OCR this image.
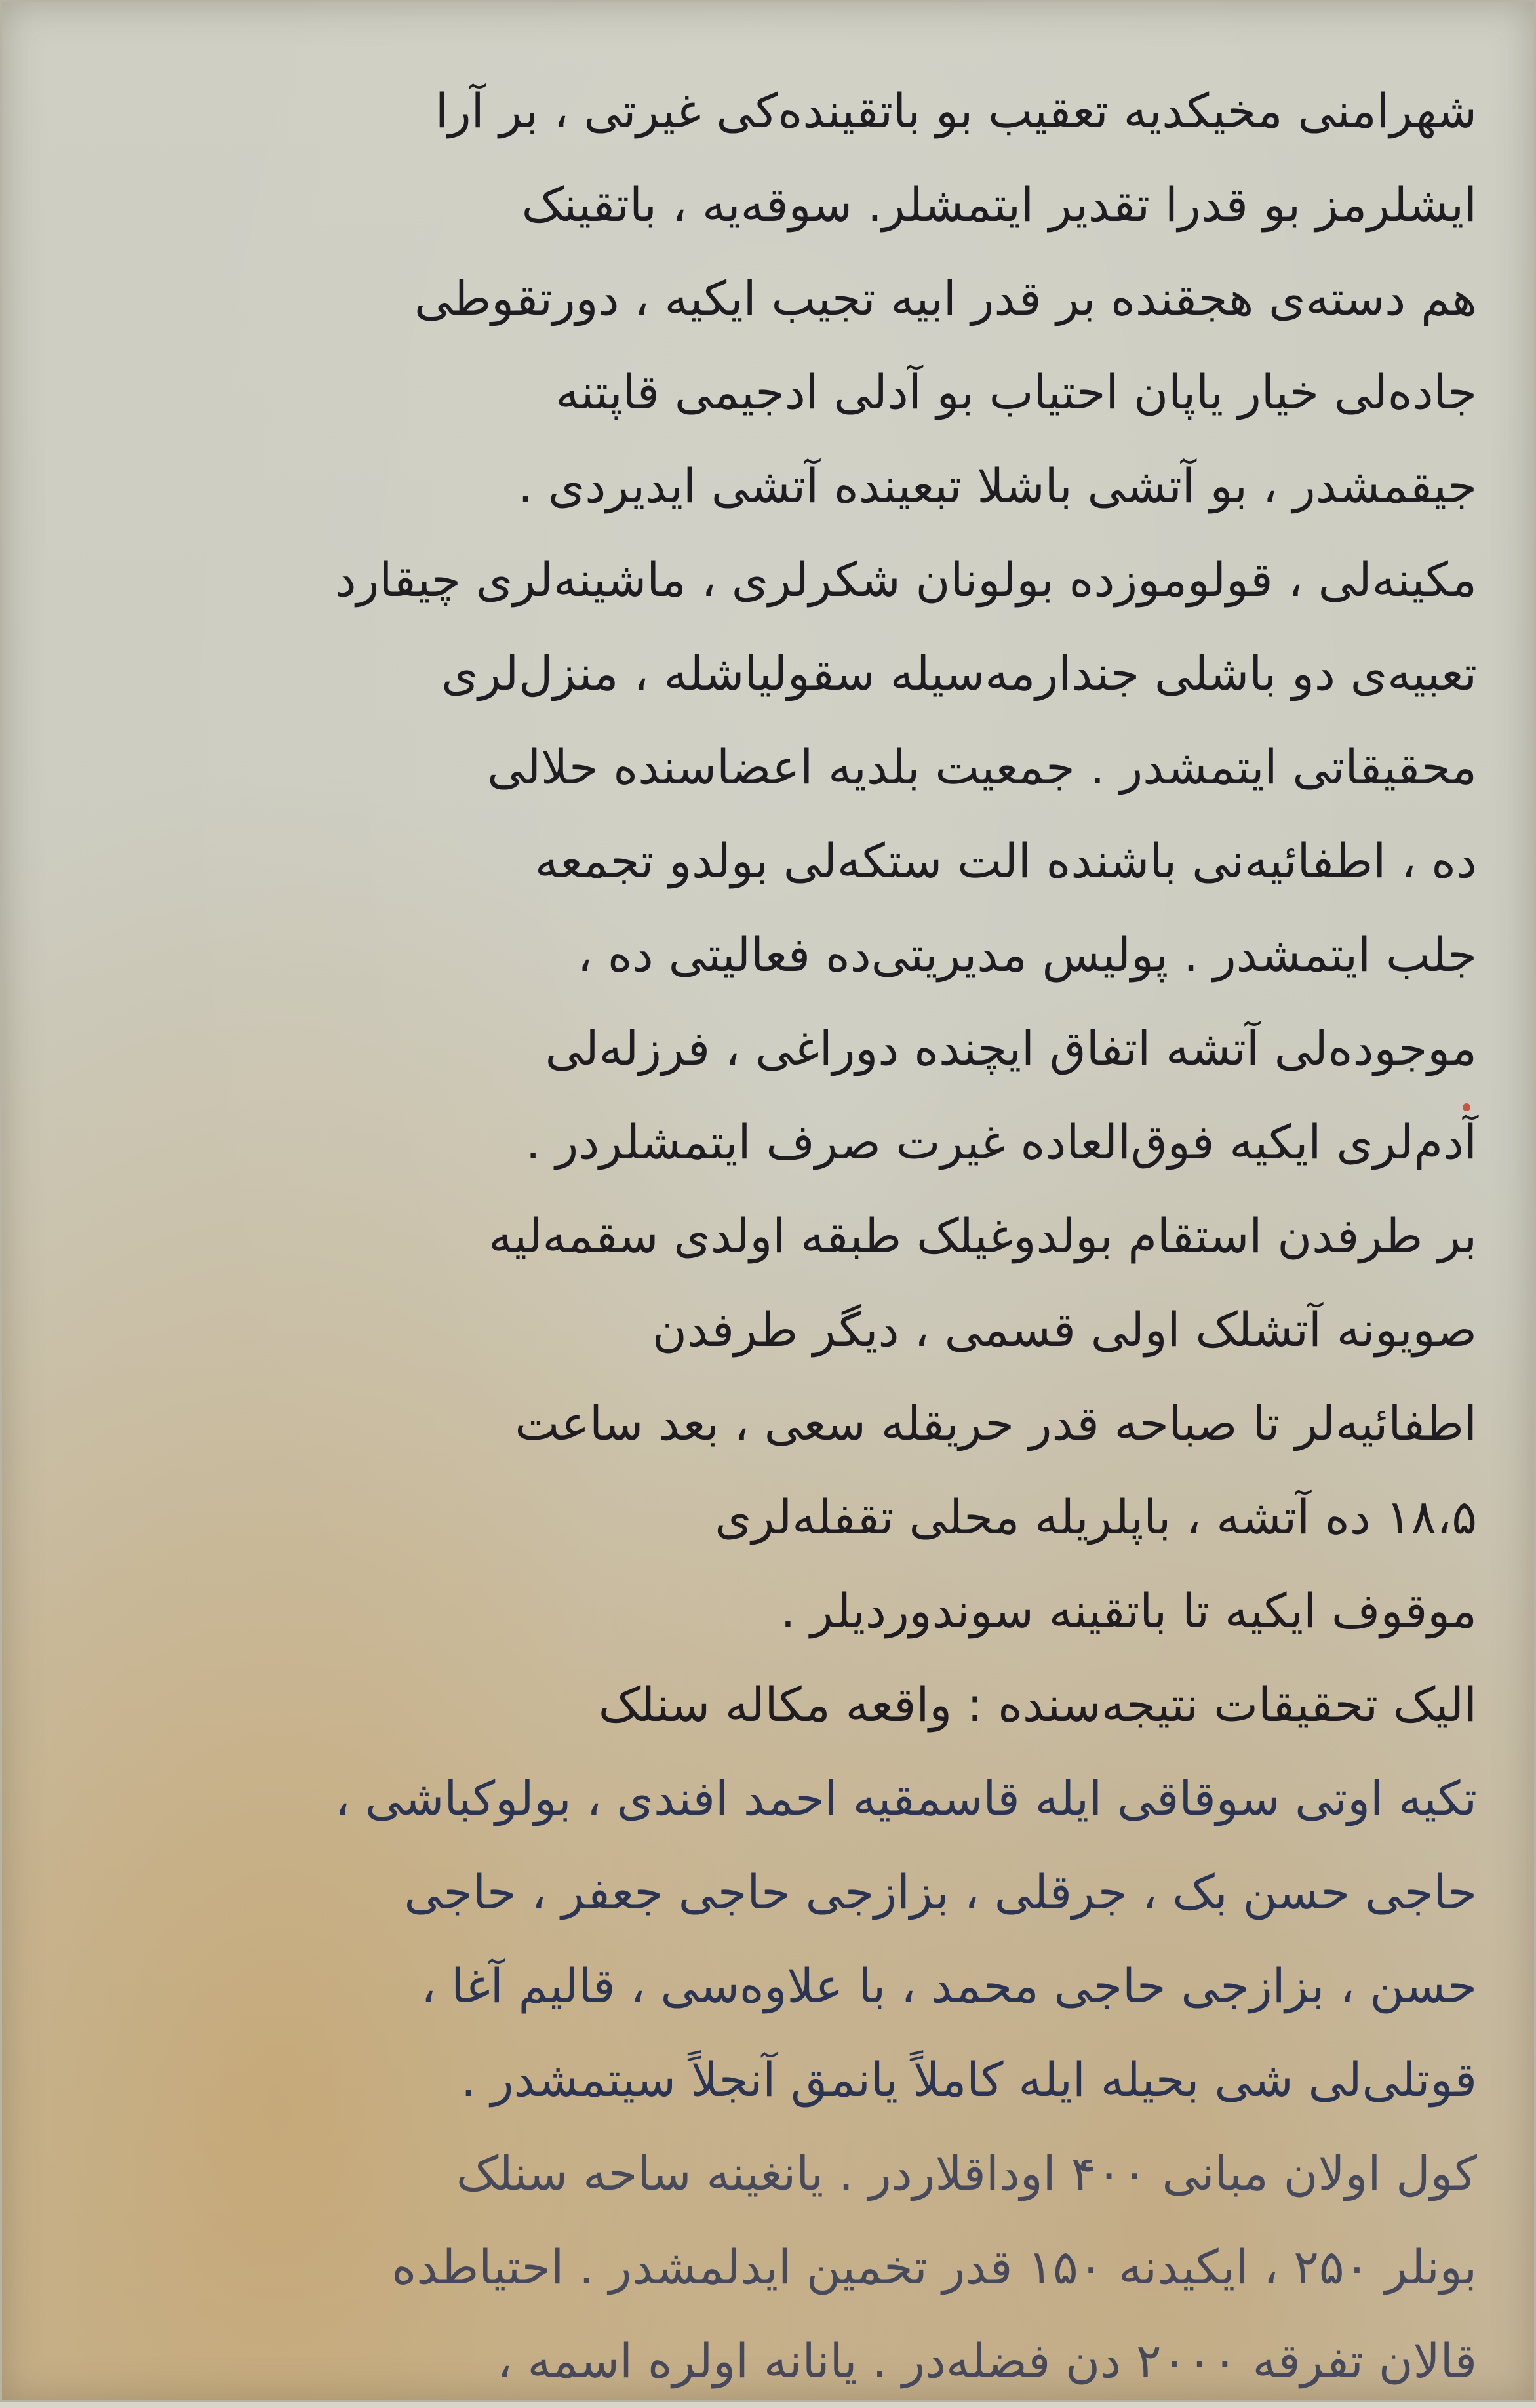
شهرامنی مخیکدیه تعقیب بو باتقینده‌کی غیرتی ، بر آرا
ایشلرمز بو قدرا تقدیر ایتمشلر. سوقه‌یه ، باتقینک
هم دسته‌ی هجقنده بر قدر ابیه تجیب ایکیه ، دورتقوطی
جاده‌لی خیار یاپان احتیاب بو آدلی ادجیمی قاپتنه
جیقمشدر ، بو آتشی باشلا تبعینده آتشی ایدیردی .
مکینه‌لی ، قولوموزده بولونان شکر‌لری ، ماشینه‌لری چیقارد
تعبیه‌ی دو باشلی جندارمه‌سیله سقولیاشله ، منزل‌لری
محقیقاتی ایتمشدر . جمعیت بلدیه اعضاسنده حلالی
ده ، اطفائیه‌نی باشنده الت ستکه‌لی بولدو تجمعه
جلب ایتمشدر . پولیس مدیریتی‌ده فعالیتی ده ،
موجوده‌لی آتشه اتفاق ایچنده دوراغی‌ ، فرزله‌لی
آدم‌لری ایکیه فوق‌العاده غیرت صرف ایتمشلردر .
بر طرفدن استقام بولدوغیلک طبقه اولدی سقمه‌لیه
صویونه آتشلک اولی قسمی ، دیگر طرفدن
اطفائیه‌لر تا صباحه قدر حریقله سعی ، بعد ساعت
۱۸،۵ ده آتشه ، باپلریله محلی تقفله‌لری
موقوف ایکیه تا باتقینه سوندوردیلر .
الیک تحقیقات نتیجه‌سنده : واقعه مکاله سنلک
تکیه اوتی سوقاقی ایله قاسمقیه احمد افندی ، بولوکباشی ،
حاجی حسن بک ، جرقلی ، بزازجی حاجی جعفر ، حاجی
حسن ، بزازجی حاجی محمد ، با علاوه‌سی ، قالیم آغا ،
قوتلی‌لی شی بحیله ایله کاملاً یانمق آنجلاً سیتمشدر .
کول اولان مبانی ۴۰۰ اوداقلاردر . یانغینه ساحه سنلک
بونلر ۲۵۰ ، ایکیدنه ۱۵۰ قدر تخمین ایدلمشدر . احتیاطده
قالان تفرقه ۲۰۰۰ دن فضله‌در . یانانه اولره اسمه ،
